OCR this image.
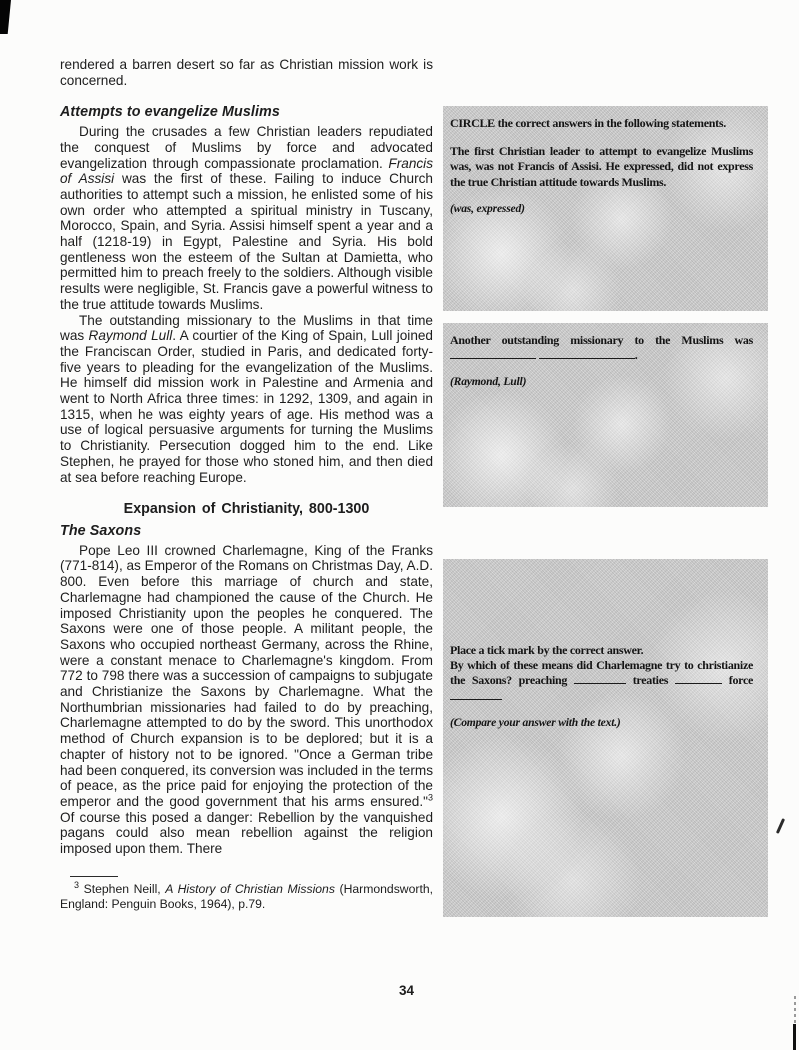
rendered a barren desert so far as Christian mission work is concerned.

Attempts to evangelize Muslims

During the crusades a few Christian leaders repudiated the conquest of Muslims by force and advocated evangelization through compassionate proclamation. Francis of Assisi was the first of these. Failing to induce Church authorities to attempt such a mission, he enlisted some of his own order who attempted a spiritual ministry in Tuscany, Morocco, Spain, and Syria. Assisi himself spent a year and a half (1218-19) in Egypt, Palestine and Syria. His bold gentleness won the esteem of the Sultan at Damietta, who permitted him to preach freely to the soldiers. Although visible results were negligible, St. Francis gave a powerful witness to the true attitude towards Muslims.

The outstanding missionary to the Muslims in that time was Raymond Lull. A courtier of the King of Spain, Lull joined the Franciscan Order, studied in Paris, and dedicated forty-five years to pleading for the evangelization of the Muslims. He himself did mission work in Palestine and Armenia and went to North Africa three times: in 1292, 1309, and again in 1315, when he was eighty years of age. His method was a use of logical persuasive arguments for turning the Muslims to Christianity. Persecution dogged him to the end. Like Stephen, he prayed for those who stoned him, and then died at sea before reaching Europe.

Expansion of Christianity, 800-1300
The Saxons

Pope Leo III crowned Charlemagne, King of the Franks (771-814), as Emperor of the Romans on Christmas Day, A.D. 800. Even before this marriage of church and state, Charlemagne had championed the cause of the Church. He imposed Christianity upon the peoples he conquered. The Saxons were one of those people. A militant people, the Saxons who occupied northeast Germany, across the Rhine, were a constant menace to Charlemagne's kingdom. From 772 to 798 there was a succession of campaigns to subjugate and Christianize the Saxons by Charlemagne. What the Northumbrian missionaries had failed to do by preaching, Charlemagne attempted to do by the sword. This unorthodox method of Church expansion is to be deplored; but it is a chapter of history not to be ignored. "Once a German tribe had been conquered, its conversion was included in the terms of peace, as the price paid for enjoying the protection of the emperor and the good government that his arms ensured."$^3$ Of course this posed a danger: Rebellion by the vanquished pagans could also mean rebellion against the religion imposed upon them. There

$^3$ Stephen Neill, A History of Christian Missions (Harmondsworth, England: Penguin Books, 1964), p.79.

CIRCLE the correct answers in the following statements.

The first Christian leader to attempt to evangelize Muslims was, was not Francis of Assisi. He expressed, did not express the true Christian attitude towards Muslims.

(was, expressed)

Another outstanding missionary to the Muslims was  .

(Raymond, Lull)

Place a tick mark by the correct answer.

By which of these means did Charlemagne try to christianize the Saxons? preaching	treaties	force

(Compare your answer with the text.)

34
